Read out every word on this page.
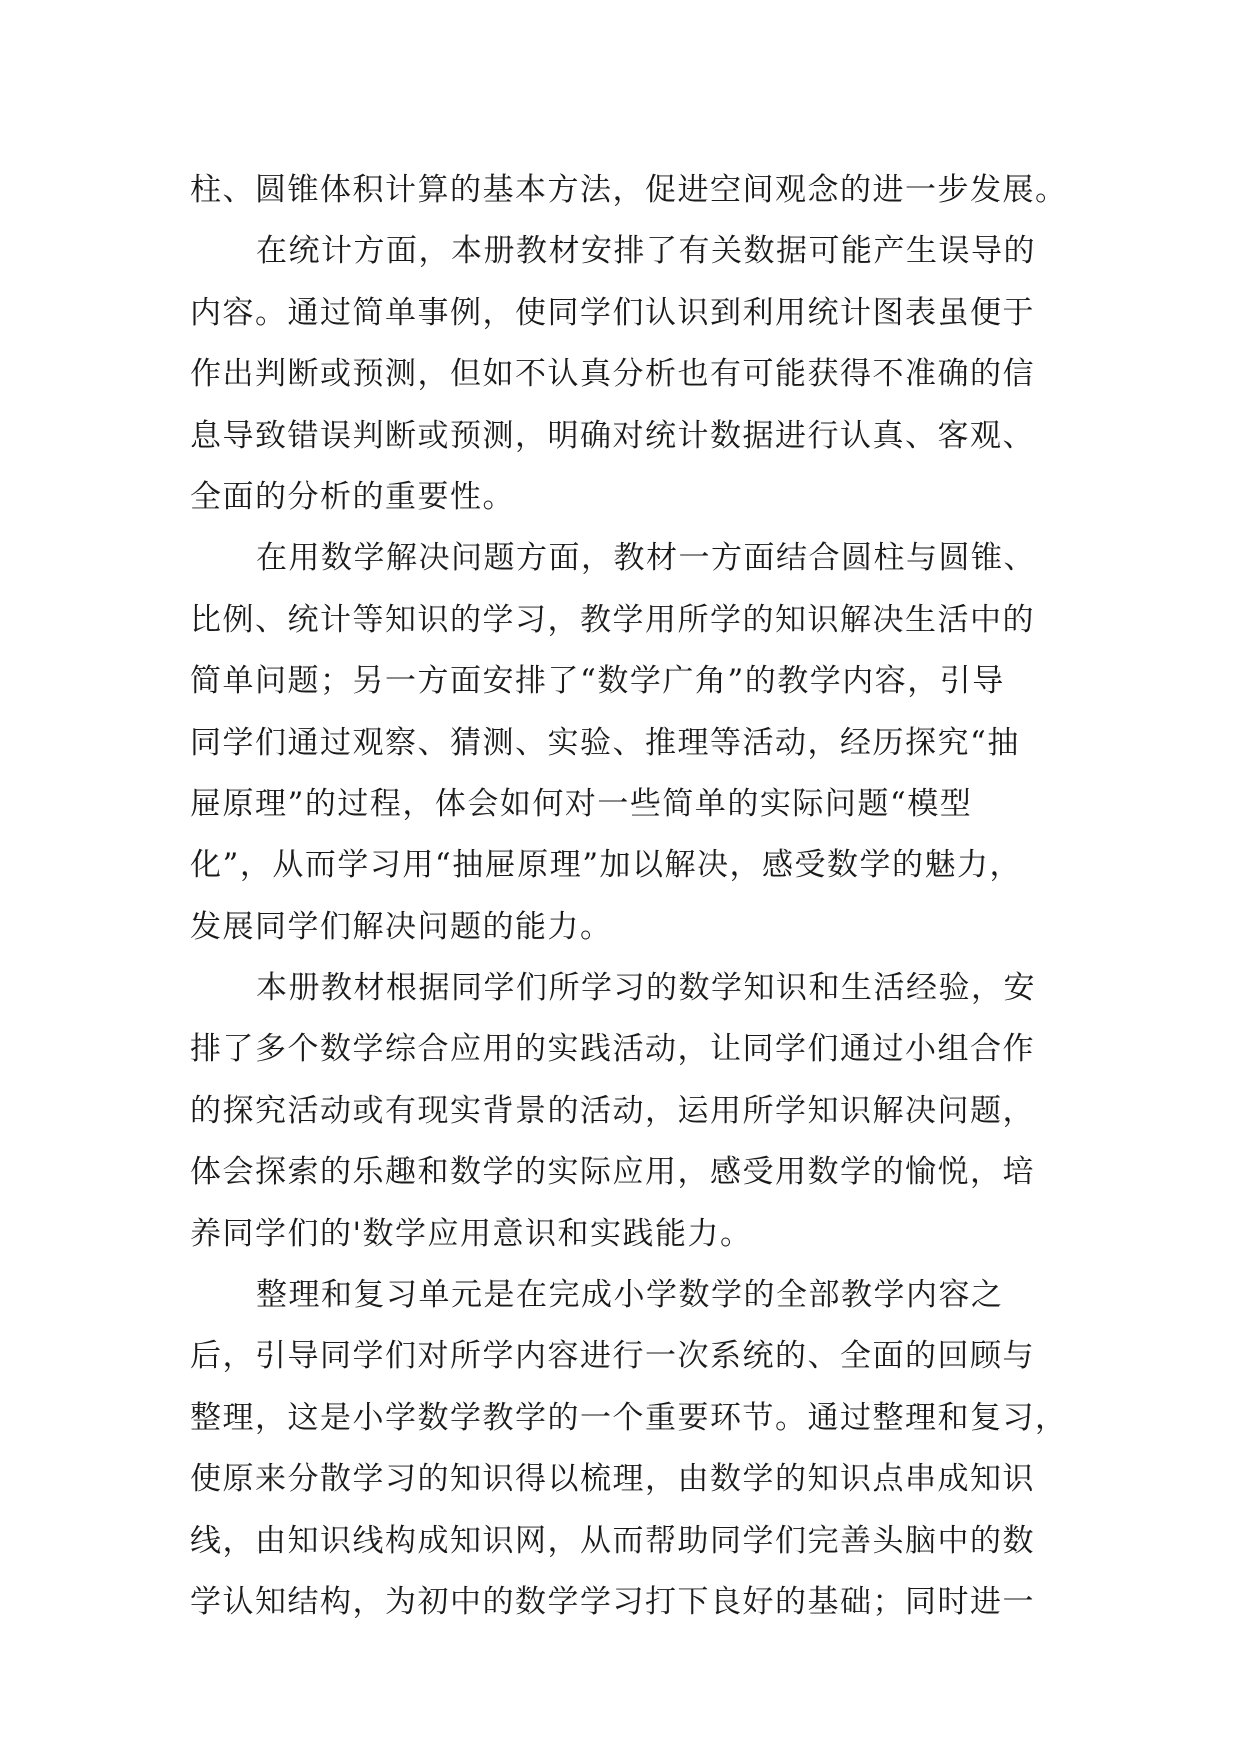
柱、圆锥体积计算的基本方法，促进空间观念的进一步发展。
在统计方面，本册教材安排了有关数据可能产生误导的
内容。通过简单事例，使同学们认识到利用统计图表虽便于
作出判断或预测，但如不认真分析也有可能获得不准确的信
息导致错误判断或预测，明确对统计数据进行认真、客观、
全面的分析的重要性。
在用数学解决问题方面，教材一方面结合圆柱与圆锥、
比例、统计等知识的学习，教学用所学的知识解决生活中的
简单问题；另一方面安排了“数学广角”的教学内容，引导
同学们通过观察、猜测、实验、推理等活动，经历探究“抽
屉原理”的过程，体会如何对一些简单的实际问题“模型
化”，从而学习用“抽屉原理”加以解决，感受数学的魅力，
发展同学们解决问题的能力。
本册教材根据同学们所学习的数学知识和生活经验，安
排了多个数学综合应用的实践活动，让同学们通过小组合作
的探究活动或有现实背景的活动，运用所学知识解决问题，
体会探索的乐趣和数学的实际应用，感受用数学的愉悦，培
养同学们的'数学应用意识和实践能力。
整理和复习单元是在完成小学数学的全部教学内容之
后，引导同学们对所学内容进行一次系统的、全面的回顾与
整理，这是小学数学教学的一个重要环节。通过整理和复习，
使原来分散学习的知识得以梳理，由数学的知识点串成知识
线，由知识线构成知识网，从而帮助同学们完善头脑中的数
学认知结构，为初中的数学学习打下良好的基础；同时进一
